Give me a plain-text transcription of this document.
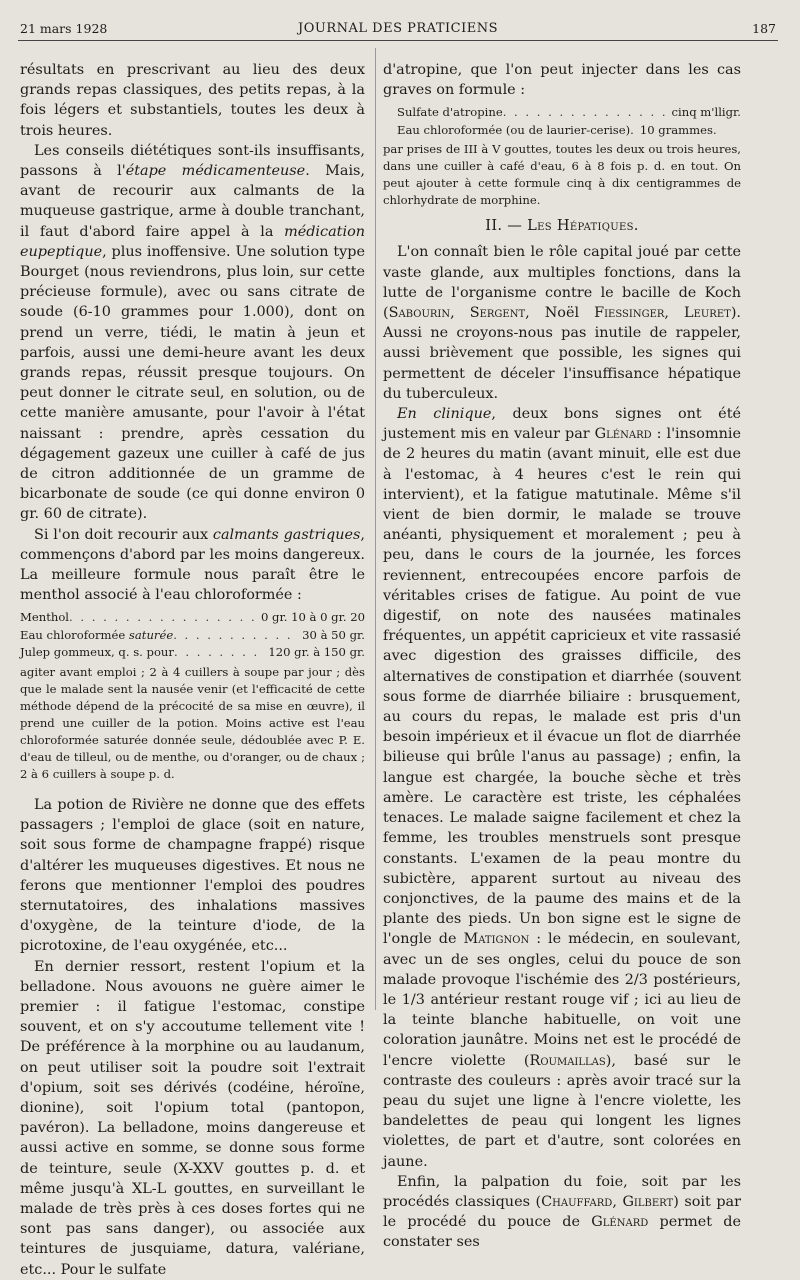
21 mars 1928	JOURNAL DES PRATICIENS	187

résultats en prescrivant au lieu des deux grands repas classiques, des petits repas, à la fois légers et substantiels, toutes les deux à trois heures.

Les conseils diététiques sont-ils insuffisants, passons à l'étape médicamenteuse. Mais, avant de recourir aux calmants de la muqueuse gastrique, arme à double tranchant, il faut d'abord faire appel à la médication eupeptique, plus inoffensive. Une solution type Bourget (nous reviendrons, plus loin, sur cette précieuse formule), avec ou sans citrate de soude (6-10 grammes pour 1.000), dont on prend un verre, tiédi, le matin à jeun et parfois, aussi une demi-heure avant les deux grands repas, réussit presque toujours. On peut donner le citrate seul, en solution, ou de cette manière amusante, pour l'avoir à l'état naissant : prendre, après cessation du dégagement gazeux une cuiller à café de jus de citron additionnée de un gramme de bicarbonate de soude (ce qui donne environ 0 gr. 60 de citrate).

Si l'on doit recourir aux calmants gastriques, commençons d'abord par les moins dangereux. La meilleure formule nous paraît être le menthol associé à l'eau chloroformée :

Menthol . . .	0 gr. 10 à 0 gr. 20
Eau chloroformée saturée . . .	30 à 50 gr.
Julep gommeux, q. s. pour . . .	120 gr. à 150 gr.

agiter avant emploi ; 2 à 4 cuillers à soupe par jour ; dès que le malade sent la nausée venir (et l'efficacité de cette méthode dépend de la précocité de sa mise en œuvre), il prend une cuiller de la potion. Moins active est l'eau chloroformée saturée donnée seule, dédoublée avec P. E. d'eau de tilleul, ou de menthe, ou d'oranger, ou de chaux ; 2 à 6 cuillers à soupe p. d.

La potion de Rivière ne donne que des effets passagers ; l'emploi de glace (soit en nature, soit sous forme de champagne frappé) risque d'altérer les muqueuses digestives. Et nous ne ferons que mentionner l'emploi des poudres sternutatoires, des inhalations massives d'oxygène, de la teinture d'iode, de la picrotoxine, de l'eau oxygénée, etc...

En dernier ressort, restent l'opium et la belladone. Nous avouons ne guère aimer le premier : il fatigue l'estomac, constipe souvent, et on s'y accoutume tellement vite ! De préférence à la morphine ou au laudanum, on peut utiliser soit la poudre soit l'extrait d'opium, soit ses dérivés (codéine, héroïne, dionine), soit l'opium total (pantopon, pavéron). La belladone, moins dangereuse et aussi active en somme, se donne sous forme de teinture, seule (X-XXV gouttes p. d. et même jusqu'à XL-L gouttes, en surveillant le malade de très près à ces doses fortes qui ne sont pas sans danger), ou associée aux teintures de jusquiame, datura, valériane, etc... Pour le sulfate

d'atropine, que l'on peut injecter dans les cas graves on formule :

Sulfate d'atropine . . .	cinq m'lligr.
Eau chloroformée (ou de laurier-cerise). 10 grammes.

par prises de III à V gouttes, toutes les deux ou trois heures, dans une cuiller à café d'eau, 6 à 8 fois p. d. en tout. On peut ajouter à cette formule cinq à dix centigrammes de chlorhydrate de morphine.

II. — Les Hépatiques.

L'on connaît bien le rôle capital joué par cette vaste glande, aux multiples fonctions, dans la lutte de l'organisme contre le bacille de Koch (Sabourin, Sergent, Noël Fiessinger, Leuret). Aussi ne croyons-nous pas inutile de rappeler, aussi brièvement que possible, les signes qui permettent de déceler l'insuffisance hépatique du tuberculeux.

En clinique, deux bons signes ont été justement mis en valeur par Glénard : l'insomnie de 2 heures du matin (avant minuit, elle est due à l'estomac, à 4 heures c'est le rein qui intervient), et la fatigue matutinale. Même s'il vient de bien dormir, le malade se trouve anéanti, physiquement et moralement ; peu à peu, dans le cours de la journée, les forces reviennent, entrecoupées encore parfois de véritables crises de fatigue. Au point de vue digestif, on note des nausées matinales fréquentes, un appétit capricieux et vite rassasié avec digestion des graisses difficile, des alternatives de constipation et diarrhée (souvent sous forme de diarrhée biliaire : brusquement, au cours du repas, le malade est pris d'un besoin impérieux et il évacue un flot de diarrhée bilieuse qui brûle l'anus au passage) ; enfin, la langue est chargée, la bouche sèche et très amère. Le caractère est triste, les céphalées tenaces. Le malade saigne facilement et chez la femme, les troubles menstruels sont presque constants. L'examen de la peau montre du subictère, apparent surtout au niveau des conjonctives, de la paume des mains et de la plante des pieds. Un bon signe est le signe de l'ongle de Matignon : le médecin, en soulevant, avec un de ses ongles, celui du pouce de son malade provoque l'ischémie des 2/3 postérieurs, le 1/3 antérieur restant rouge vif ; ici au lieu de la teinte blanche habituelle, on voit une coloration jaunâtre. Moins net est le procédé de l'encre violette (Roumaillas), basé sur le contraste des couleurs : après avoir tracé sur la peau du sujet une ligne à l'encre violette, les bandelettes de peau qui longent les lignes violettes, de part et d'autre, sont colorées en jaune.

Enfin, la palpation du foie, soit par les procédés classiques (Chauffard, Gilbert) soit par le procédé du pouce de Glénard permet de constater ses
